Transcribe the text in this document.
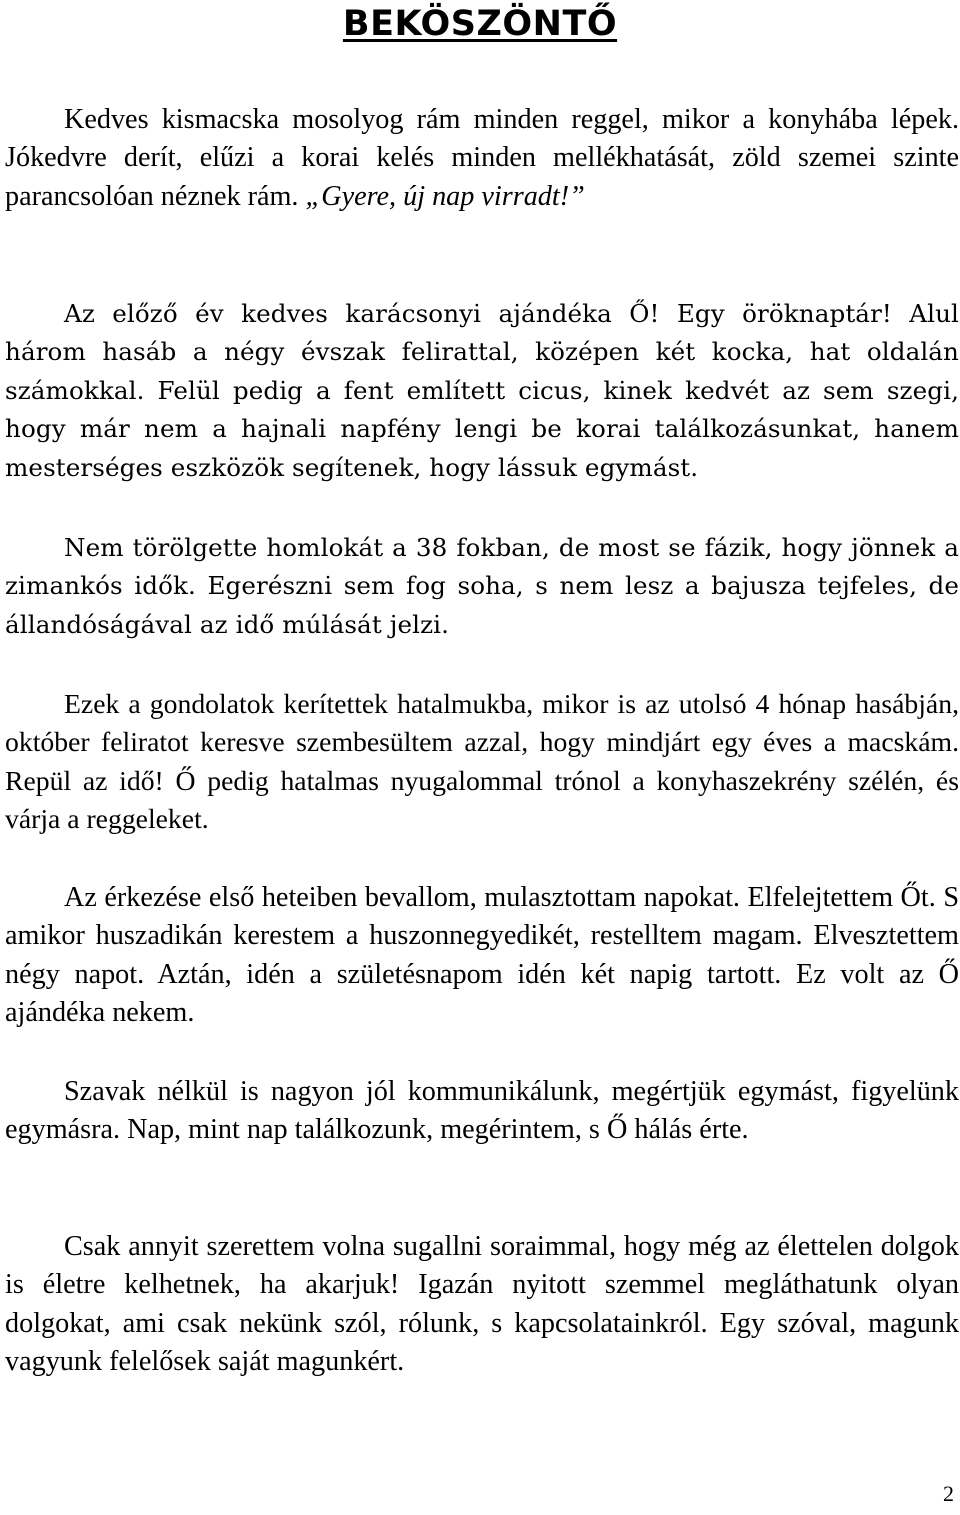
BEKÖSZÖNTŐ

Kedves kismacska mosolyog rám minden reggel, mikor a konyhába lépek. Jókedvre derít, elűzi a korai kelés minden mellékhatását, zöld szemei szinte parancsolóan néznek rám. „Gyere, új nap virradt!”

Az előző év kedves karácsonyi ajándéka Ő! Egy öröknaptár! Alul három hasáb a négy évszak felirattal, középen két kocka, hat oldalán számokkal. Felül pedig a fent említett cicus, kinek kedvét az sem szegi, hogy már nem a hajnali napfény lengi be korai találkozásunkat, hanem mesterséges eszközök segítenek, hogy lássuk egymást.

Nem törölgette homlokát a 38 fokban, de most se fázik, hogy jönnek a zimankós idők. Egerészni sem fog soha, s nem lesz a bajusza tejfeles, de állandóságával az idő múlását jelzi.

Ezek a gondolatok kerítettek hatalmukba, mikor is az utolsó 4 hónap hasábján, október feliratot keresve szembesültem azzal, hogy mindjárt egy éves a macskám. Repül az idő! Ő pedig hatalmas nyugalommal trónol a konyhaszekrény szélén, és várja a reggeleket.

Az érkezése első heteiben bevallom, mulasztottam napokat. Elfelejtettem Őt. S amikor huszadikán kerestem a huszonnegyedikét, restelltem magam. Elvesztettem négy napot. Aztán, idén a születésnapom idén két napig tartott. Ez volt az Ő ajándéka nekem.

Szavak nélkül is nagyon jól kommunikálunk, megértjük egymást, figyelünk egymásra. Nap, mint nap találkozunk, megérintem, s Ő hálás érte.

Csak annyit szerettem volna sugallni soraimmal, hogy még az élettelen dolgok is életre kelhetnek, ha akarjuk! Igazán nyitott szemmel megláthatunk olyan dolgokat, ami csak nekünk szól, rólunk, s kapcsolatainkról. Egy szóval, magunk vagyunk felelősek saját magunkért.

2
